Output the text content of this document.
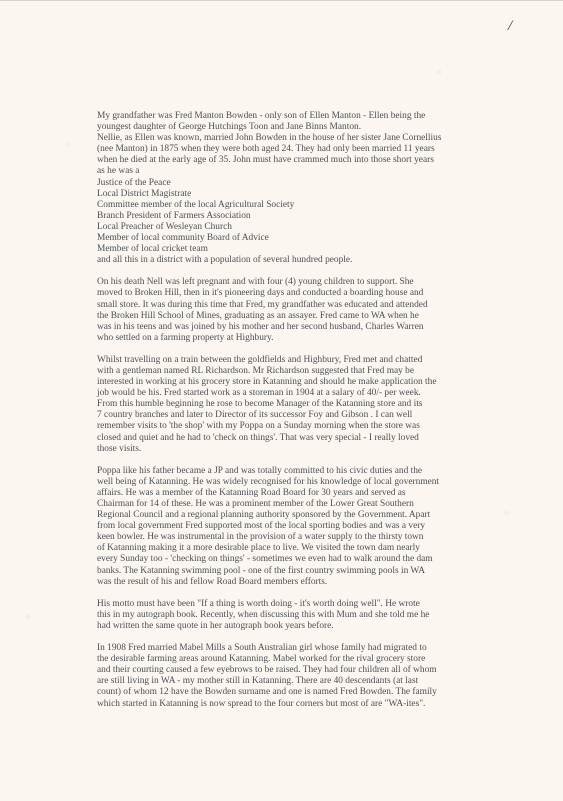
/
My grandfather was Fred Manton Bowden - only son of Ellen Manton - Ellen being the
youngest daughter of George Hutchings Toon and Jane Binns Manton.
Nellie, as Ellen was known, married John Bowden in the house of her sister Jane Cornellius
(nee Manton) in 1875 when they were both aged 24. They had only been married 11 years
when he died at the early age of 35. John must have crammed much into those short years
as he was a
Justice of the Peace
Local District Magistrate
Committee member of the local Agricultural Society
Branch President of Farmers Association
Local Preacher of Wesleyan Church
Member of local community Board of Advice
Member of local cricket team
and all this in a district with a population of several hundred people.
On his death Nell was left pregnant and with four (4) young children to support. She
moved to Broken Hill, then in it's pioneering days and conducted a boarding house and
small store. It was during this time that Fred, my grandfather was educated and attended
the Broken Hill School of Mines, graduating as an assayer. Fred came to WA when he
was in his teens and was joined by his mother and her second husband, Charles Warren
who settled on a farming property at Highbury.
Whilst travelling on a train between the goldfields and Highbury, Fred met and chatted
with a gentleman named RL Richardson. Mr Richardson suggested that Fred may be
interested in working at his grocery store in Katanning and should he make application the
job would be his. Fred started work as a storeman in 1904 at a salary of 40/- per week.
From this humble beginning he rose to become Manager of the Katanning store and its
7 country branches and later to Director of its successor Foy and Gibson . I can well
remember visits to 'the shop' with my Poppa on a Sunday morning when the store was
closed and quiet and he had to 'check on things'. That was very special - I really loved
those visits.
Poppa like his father became a JP and was totally committed to his civic duties and the
well being of Katanning. He was widely recognised for his knowledge of local government
affairs. He was a member of the Katanning Road Board for 30 years and served as
Chairman for 14 of these. He was a prominent member of the Lower Great Southern
Regional Council and a regional planning authority sponsored by the Government. Apart
from local government Fred supported most of the local sporting bodies and was a very
keen bowler. He was instrumental in the provision of a water supply to the thirsty town
of Katanning making it a more desirable place to live. We visited the town dam nearly
every Sunday too - 'checking on things' - sometimes we even had to walk around the dam
banks. The Katanning swimming pool - one of the first country swimming pools in WA
was the result of his and fellow Road Board members efforts.
His motto must have been "If a thing is worth doing - it's worth doing well". He wrote
this in my autograph book. Recently, when discussing this with Mum and she told me he
had written the same quote in her autograph book years before.
In 1908 Fred married Mabel Mills a South Australian girl whose family had migrated to
the desirable farming areas around Katanning. Mabel worked for the rival grocery store
and their courting caused a few eyebrows to be raised. They had four children all of whom
are still living in WA - my mother still in Katanning. There are 40 descendants (at last
count) of whom 12 have the Bowden surname and one is named Fred Bowden. The family
which started in Katanning is now spread to the four corners but most of are "WA-ites".
